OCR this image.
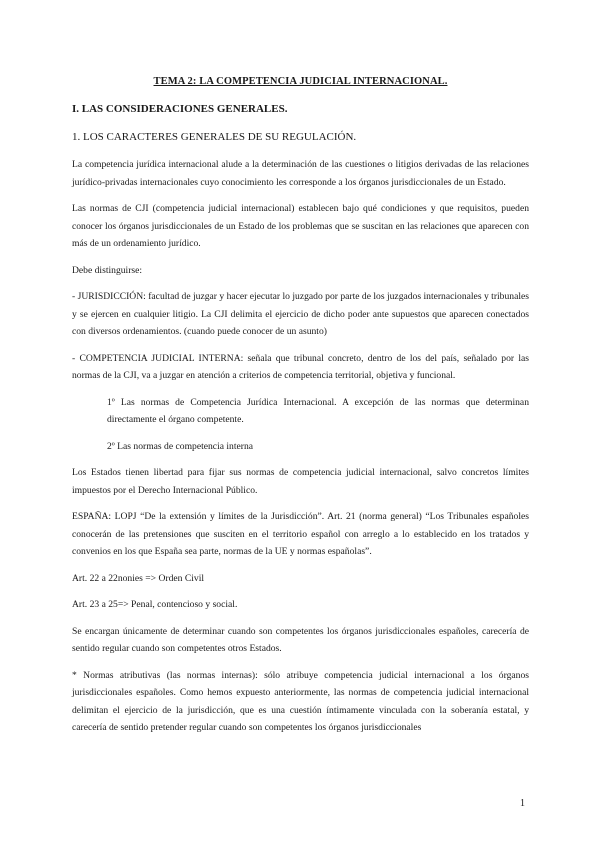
TEMA 2: LA COMPETENCIA JUDICIAL INTERNACIONAL.
I. LAS CONSIDERACIONES GENERALES.
1. LOS CARACTERES GENERALES DE SU REGULACIÓN.

La competencia jurídica internacional alude a la determinación de las cuestiones o litigios derivadas de las relaciones jurídico-privadas internacionales cuyo conocimiento les corresponde a los órganos jurisdiccionales de un Estado.

Las normas de CJI (competencia judicial internacional) establecen bajo qué condiciones y que requisitos, pueden conocer los órganos jurisdiccionales de un Estado de los problemas que se suscitan en las relaciones que aparecen con más de un ordenamiento jurídico.

Debe distinguirse:

- JURISDICCIÓN: facultad de juzgar y hacer ejecutar lo juzgado por parte de los juzgados internacionales y tribunales y se ejercen en cualquier litigio. La CJI delimita el ejercicio de dicho poder ante supuestos que aparecen conectados con diversos ordenamientos. (cuando puede conocer de un asunto)

- COMPETENCIA JUDICIAL INTERNA: señala que tribunal concreto, dentro de los del país, señalado por las normas de la CJI, va a juzgar en atención a criterios de competencia territorial, objetiva y funcional.

1º Las normas de Competencia Jurídica Internacional. A excepción de las normas que determinan directamente el órgano competente.

2º Las normas de competencia interna

Los Estados tienen libertad para fijar sus normas de competencia judicial internacional, salvo concretos límites impuestos por el Derecho Internacional Público.

ESPAÑA: LOPJ “De la extensión y límites de la Jurisdicción”. Art. 21 (norma general) “Los Tribunales españoles conocerán de las pretensiones que susciten en el territorio español con arreglo a lo establecido en los tratados y convenios en los que España sea parte, normas de la UE y normas españolas”.

Art. 22 a 22nonies => Orden Civil

Art. 23 a 25=> Penal, contencioso y social.

Se encargan únicamente de determinar cuando son competentes los órganos jurisdiccionales españoles, carecería de sentido regular cuando son competentes otros Estados.

* Normas atributivas (las normas internas): sólo atribuye competencia judicial internacional a los órganos jurisdiccionales españoles. Como hemos expuesto anteriormente, las normas de competencia judicial internacional delimitan el ejercicio de la jurisdicción, que es una cuestión íntimamente vinculada con la soberanía estatal, y carecería de sentido pretender regular cuando son competentes los órganos jurisdiccionales

1
